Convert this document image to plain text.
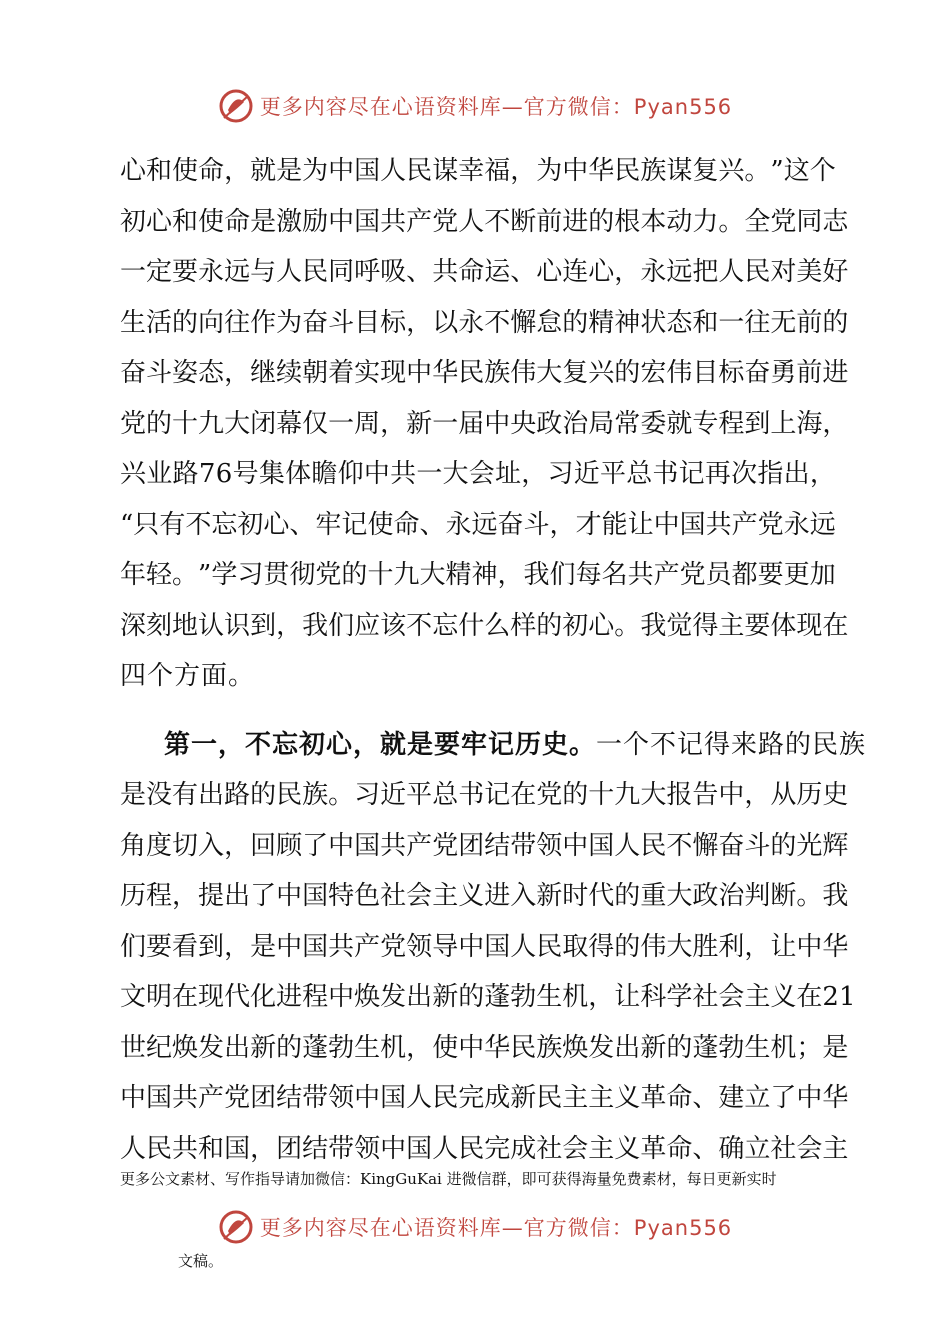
更多内容尽在心语资料库—官方微信：Pyan556
心 和 使 命 ， 就 是 为 中 国 人 民 谋 幸 福 ， 为 中 华 民 族 谋 复 兴 。 ” 这 个
初 心 和 使 命 是 激 励 中 国 共 产 党 人 不 断 前 进 的 根 本 动 力 。 全 党 同 志
一 定 要 永 远 与 人 民 同 呼 吸 、 共 命 运 、 心 连 心 ， 永 远 把 人 民 对 美 好
生 活 的 向 往 作 为 奋 斗 目 标 ， 以 永 不 懈 怠 的 精 神 状 态 和 一 往 无 前 的
奋 斗 姿 态 ， 继 续 朝 着 实 现 中 华 民 族 伟 大 复 兴 的 宏 伟 目 标 奋 勇 前 进
党 的 十 九 大 闭 幕 仅 一 周 ， 新 一 届 中 央 政 治 局 常 委 就 专 程 到 上 海 ，
兴 业 路 7 6 号 集 体 瞻 仰 中 共 一 大 会 址 ， 习 近 平 总 书 记 再 次 指 出 ，
“ 只 有 不 忘 初 心 、 牢 记 使 命 、 永 远 奋 斗 ， 才 能 让 中 国 共 产 党 永 远
年 轻 。 ” 学 习 贯 彻 党 的 十 九 大 精 神 ， 我 们 每 名 共 产 党 员 都 要 更 加
深 刻 地 认 识 到 ， 我 们 应 该 不 忘 什 么 样 的 初 心 。 我 觉 得 主 要 体 现 在
四个方面。
第一，不忘初心，就是要牢记历史。 一个不记得来路的民族
是 没 有 出 路 的 民 族 。 习 近 平 总 书 记 在 党 的 十 九 大 报 告 中 ， 从 历 史
角 度 切 入 ， 回 顾 了 中 国 共 产 党 团 结 带 领 中 国 人 民 不 懈 奋 斗 的 光 辉
历 程 ， 提 出 了 中 国 特 色 社 会 主 义 进 入 新 时 代 的 重 大 政 治 判 断 。 我
们 要 看 到 ， 是 中 国 共 产 党 领 导 中 国 人 民 取 得 的 伟 大 胜 利 ， 让 中 华
文 明 在 现 代 化 进 程 中 焕 发 出 新 的 蓬 勃 生 机 ， 让 科 学 社 会 主 义 在 2 1
世 纪 焕 发 出 新 的 蓬 勃 生 机 ， 使 中 华 民 族 焕 发 出 新 的 蓬 勃 生 机 ； 是
中 国 共 产 党 团 结 带 领 中 国 人 民 完 成 新 民 主 主 义 革 命 、 建 立 了 中 华
人 民 共 和 国 ， 团 结 带 领 中 国 人 民 完 成 社 会 主 义 革 命 、 确 立 社 会 主
更多公文素材、写作指导请加微信：KingGuKai 进微信群，即可获得海量免费素材，每日更新实时
更多内容尽在心语资料库—官方微信：Pyan556
文稿。
